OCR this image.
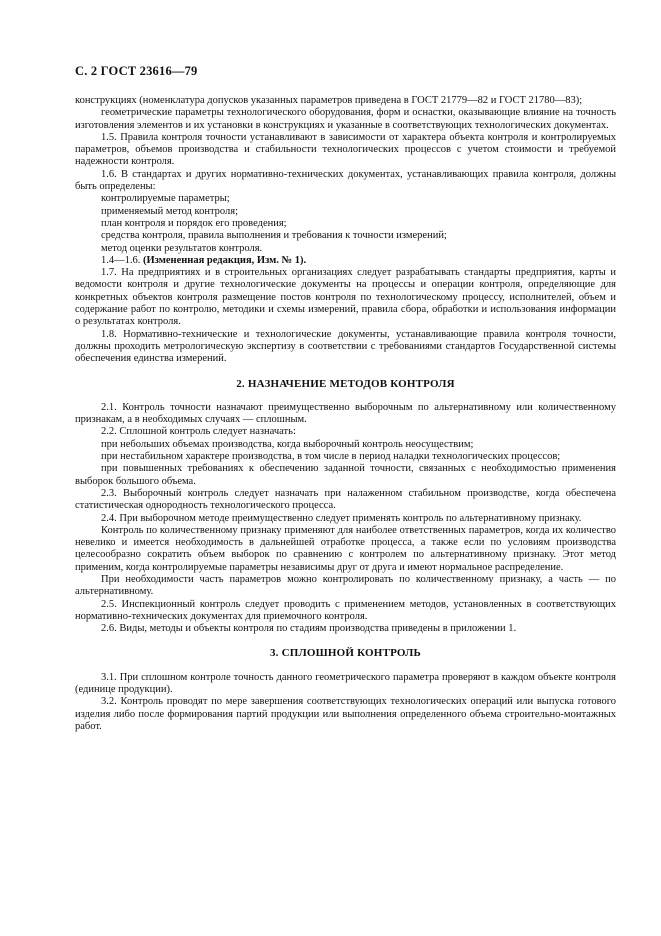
С. 2 ГОСТ 23616—79

конструкциях (номенклатура допусков указанных параметров приведена в ГОСТ 21779—82 и ГОСТ 21780—83);

геометрические параметры технологического оборудования, форм и оснастки, оказывающие влияние на точность изготовления элементов и их установки в конструкциях и указанные в соответствующих технологических документах.

1.5. Правила контроля точности устанавливают в зависимости от характера объекта контроля и контролируемых параметров, объемов производства и стабильности технологических процессов с учетом стоимости и требуемой надежности контроля.

1.6. В стандартах и других нормативно-технических документах, устанавливающих правила контроля, должны быть определены:

контролируемые параметры;

применяемый метод контроля;

план контроля и порядок его проведения;

средства контроля, правила выполнения и требования к точности измерений;

метод оценки результатов контроля.

1.4—1.6. (Измененная редакция, Изм. № 1).

1.7. На предприятиях и в строительных организациях следует разрабатывать стандарты предприятия, карты и ведомости контроля и другие технологические документы на процессы и операции контроля, определяющие для конкретных объектов контроля размещение постов контроля по технологическому процессу, исполнителей, объем и содержание работ по контролю, методики и схемы измерений, правила сбора, обработки и использования информации о результатах контроля.

1.8. Нормативно-технические и технологические документы, устанавливающие правила контроля точности, должны проходить метрологическую экспертизу в соответствии с требованиями стандартов Государственной системы обеспечения единства измерений.

2. НАЗНАЧЕНИЕ МЕТОДОВ КОНТРОЛЯ

2.1. Контроль точности назначают преимущественно выборочным по альтернативному или количественному признакам, а в необходимых случаях — сплошным.

2.2. Сплошной контроль следует назначать:

при небольших объемах производства, когда выборочный контроль неосуществим;

при нестабильном характере производства, в том числе в период наладки технологических процессов;

при повышенных требованиях к обеспечению заданной точности, связанных с необходимостью применения выборок большого объема.

2.3. Выборочный контроль следует назначать при налаженном стабильном производстве, когда обеспечена статистическая однородность технологического процесса.

2.4. При выборочном методе преимущественно следует применять контроль по альтернативному признаку.

Контроль по количественному признаку применяют для наиболее ответственных параметров, когда их количество невелико и имеется необходимость в дальнейшей отработке процесса, а также если по условиям производства целесообразно сократить объем выборок по сравнению с контролем по альтернативному признаку. Этот метод применим, когда контролируемые параметры независимы друг от друга и имеют нормальное распределение.

При необходимости часть параметров можно контролировать по количественному признаку, а часть — по альтернативному.

2.5. Инспекционный контроль следует проводить с применением методов, установленных в соответствующих нормативно-технических документах для приемочного контроля.

2.6. Виды, методы и объекты контроля по стадиям производства приведены в приложении 1.

3. СПЛОШНОЙ КОНТРОЛЬ

3.1. При сплошном контроле точность данного геометрического параметра проверяют в каждом объекте контроля (единице продукции).

3.2. Контроль проводят по мере завершения соответствующих технологических операций или выпуска готового изделия либо после формирования партий продукции или выполнения определенного объема строительно-монтажных работ.
